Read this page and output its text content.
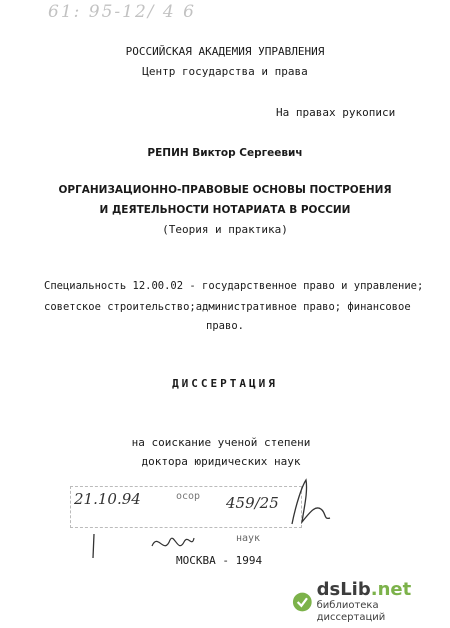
61: 95-12/ 4 6
РОССИЙСКАЯ АКАДЕМИЯ УПРАВЛЕНИЯ
Центр государства и права
На правах рукописи
РЕПИН Виктор Сергеевич
ОРГАНИЗАЦИОННО-ПРАВОВЫЕ ОСНОВЫ ПОСТРОЕНИЯ
И ДЕЯТЕЛЬНОСТИ НОТАРИАТА В РОССИИ
(Теория и практика)
Специальность 12.00.02 - государственное право и управление;
советское строительство;административное право; финансовое
право.
ДИССЕРТАЦИЯ
на соискание ученой степени
доктора юридических наук
21.10.94	осор 459/25
наук
МОСКВА - 1994
dsLib.net
библиотека диссертаций
